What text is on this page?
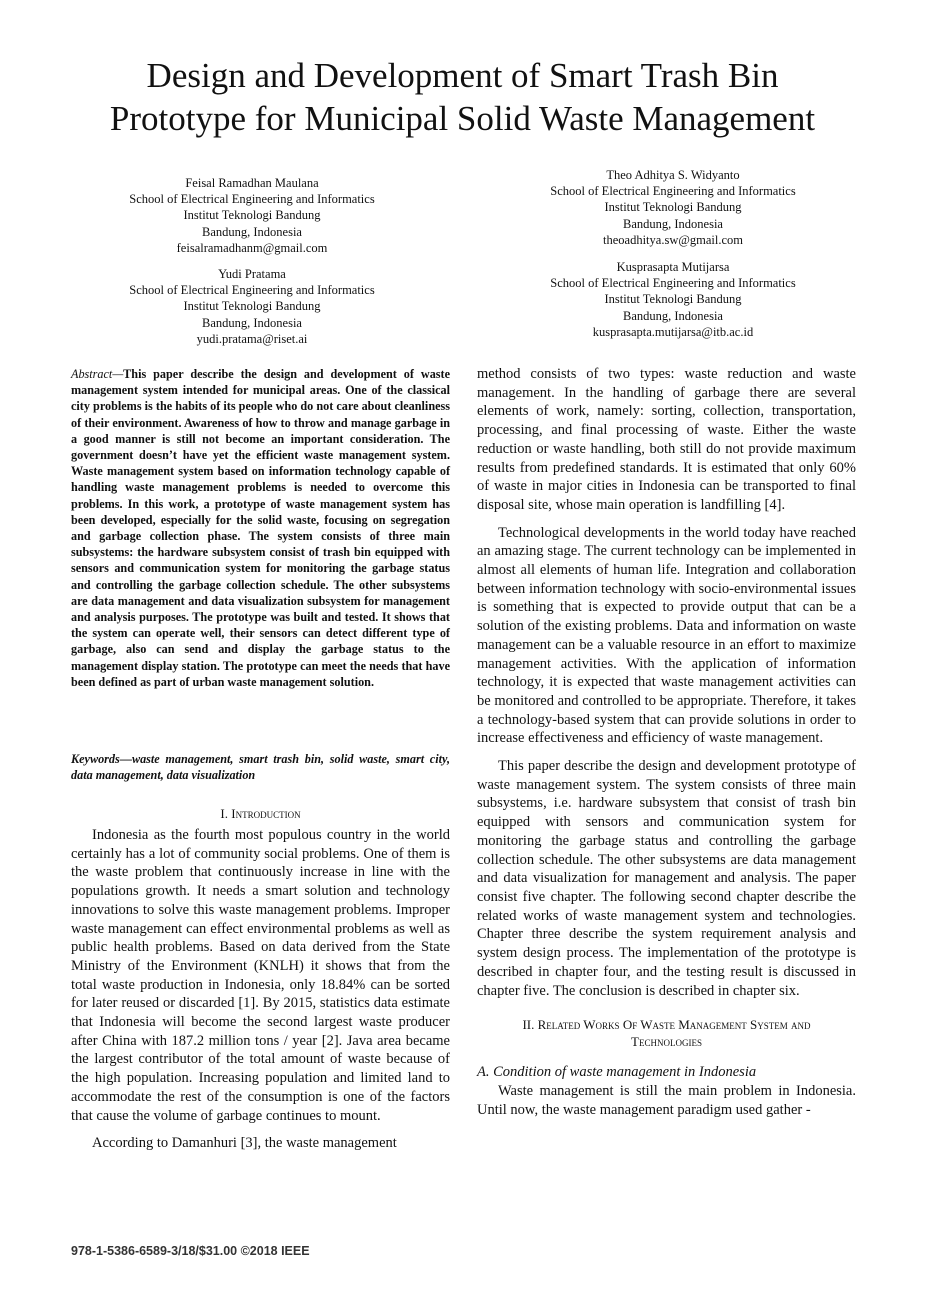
Design and Development of Smart Trash Bin
Prototype for Municipal Solid Waste Management
Feisal Ramadhan Maulana
School of Electrical Engineering and Informatics
Institut Teknologi Bandung
Bandung, Indonesia
feisalramadhanm@gmail.com
Theo Adhitya S. Widyanto
School of Electrical Engineering and Informatics
Institut Teknologi Bandung
Bandung, Indonesia
theoadhitya.sw@gmail.com
Yudi Pratama
School of Electrical Engineering and Informatics
Institut Teknologi Bandung
Bandung, Indonesia
yudi.pratama@riset.ai
Kusprasapta Mutijarsa
School of Electrical Engineering and Informatics
Institut Teknologi Bandung
Bandung, Indonesia
kusprasapta.mutijarsa@itb.ac.id
Abstract—This paper describe the design and development of waste management system intended for municipal areas. One of the classical city problems is the habits of its people who do not care about cleanliness of their environment. Awareness of how to throw and manage garbage in a good manner is still not become an important consideration. The government doesn’t have yet the efficient waste management system. Waste management system based on information technology capable of handling waste management problems is needed to overcome this problems. In this work, a prototype of waste management system has been developed, especially for the solid waste, focusing on segregation and garbage collection phase. The system consists of three main subsystems: the hardware subsystem consist of trash bin equipped with sensors and communication system for monitoring the garbage status and controlling the garbage collection schedule. The other subsystems are data management and data visualization subsystem for management and analysis purposes. The prototype was built and tested. It shows that the system can operate well, their sensors can detect different type of garbage, also can send and display the garbage status to the management display station. The prototype can meet the needs that have been defined as part of urban waste management solution.
Keywords—waste management, smart trash bin, solid waste, smart city, data management, data visualization
I. Introduction

Indonesia as the fourth most populous country in the world certainly has a lot of community social problems. One of them is the waste problem that continuously increase in line with the populations growth. It needs a smart solution and technology innovations to solve this waste management problems. Improper waste management can effect environmental problems as well as public health problems. Based on data derived from the State Ministry of the Environment (KNLH) it shows that from the total waste production in Indonesia, only 18.84% can be sorted for later reused or discarded [1]. By 2015, statistics data estimate that Indonesia will become the second largest waste producer after China with 187.2 million tons / year [2]. Java area became the largest contributor of the total amount of waste because of the high population. Increasing population and limited land to accommodate the rest of the consumption is one of the factors that cause the volume of garbage continues to mount.

According to Damanhuri [3], the waste management

method consists of two types: waste reduction and waste management. In the handling of garbage there are several elements of work, namely: sorting, collection, transportation, processing, and final processing of waste. Either the waste reduction or waste handling, both still do not provide maximum results from predefined standards. It is estimated that only 60% of waste in major cities in Indonesia can be transported to final disposal site, whose main operation is landfilling [4].

Technological developments in the world today have reached an amazing stage. The current technology can be implemented in almost all elements of human life. Integration and collaboration between information technology with socio-environmental issues is something that is expected to provide output that can be a solution of the existing problems. Data and information on waste management can be a valuable resource in an effort to maximize management activities. With the application of information technology, it is expected that waste management activities can be monitored and controlled to be appropriate. Therefore, it takes a technology-based system that can provide solutions in order to increase effectiveness and efficiency of waste management.

This paper describe the design and development prototype of waste management system. The system consists of three main subsystems, i.e. hardware subsystem that consist of trash bin equipped with sensors and communication system for monitoring the garbage status and controlling the garbage collection schedule. The other subsystems are data management and data visualization for management and analysis. The paper consist five chapter. The following second chapter describe the related works of waste management system and technologies. Chapter three describe the system requirement analysis and system design process. The implementation of the prototype is described in chapter four, and the testing result is discussed in chapter five. The conclusion is described in chapter six.

II. Related Works Of Waste Management System and
Technologies
A. Condition of waste management in Indonesia

Waste management is still the main problem in Indonesia. Until now, the waste management paradigm used gather -

978-1-5386-6589-3/18/$31.00 ©2018 IEEE
